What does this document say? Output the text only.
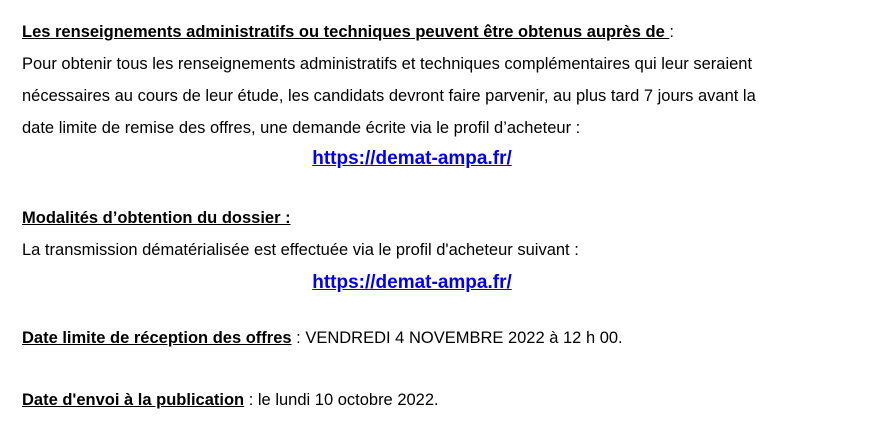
Les renseignements administratifs ou techniques peuvent être obtenus auprès de :
Pour obtenir tous les renseignements administratifs et techniques complémentaires qui leur seraient
nécessaires au cours de leur étude, les candidats devront faire parvenir, au plus tard 7 jours avant la
date limite de remise des offres, une demande écrite via le profil d’acheteur :
https://demat-ampa.fr/
Modalités d’obtention du dossier :
La transmission dématérialisée est effectuée via le profil d'acheteur suivant :
https://demat-ampa.fr/
Date limite de réception des offres : VENDREDI 4 NOVEMBRE 2022 à 12 h 00.
Date d'envoi à la publication : le lundi 10 octobre 2022.
